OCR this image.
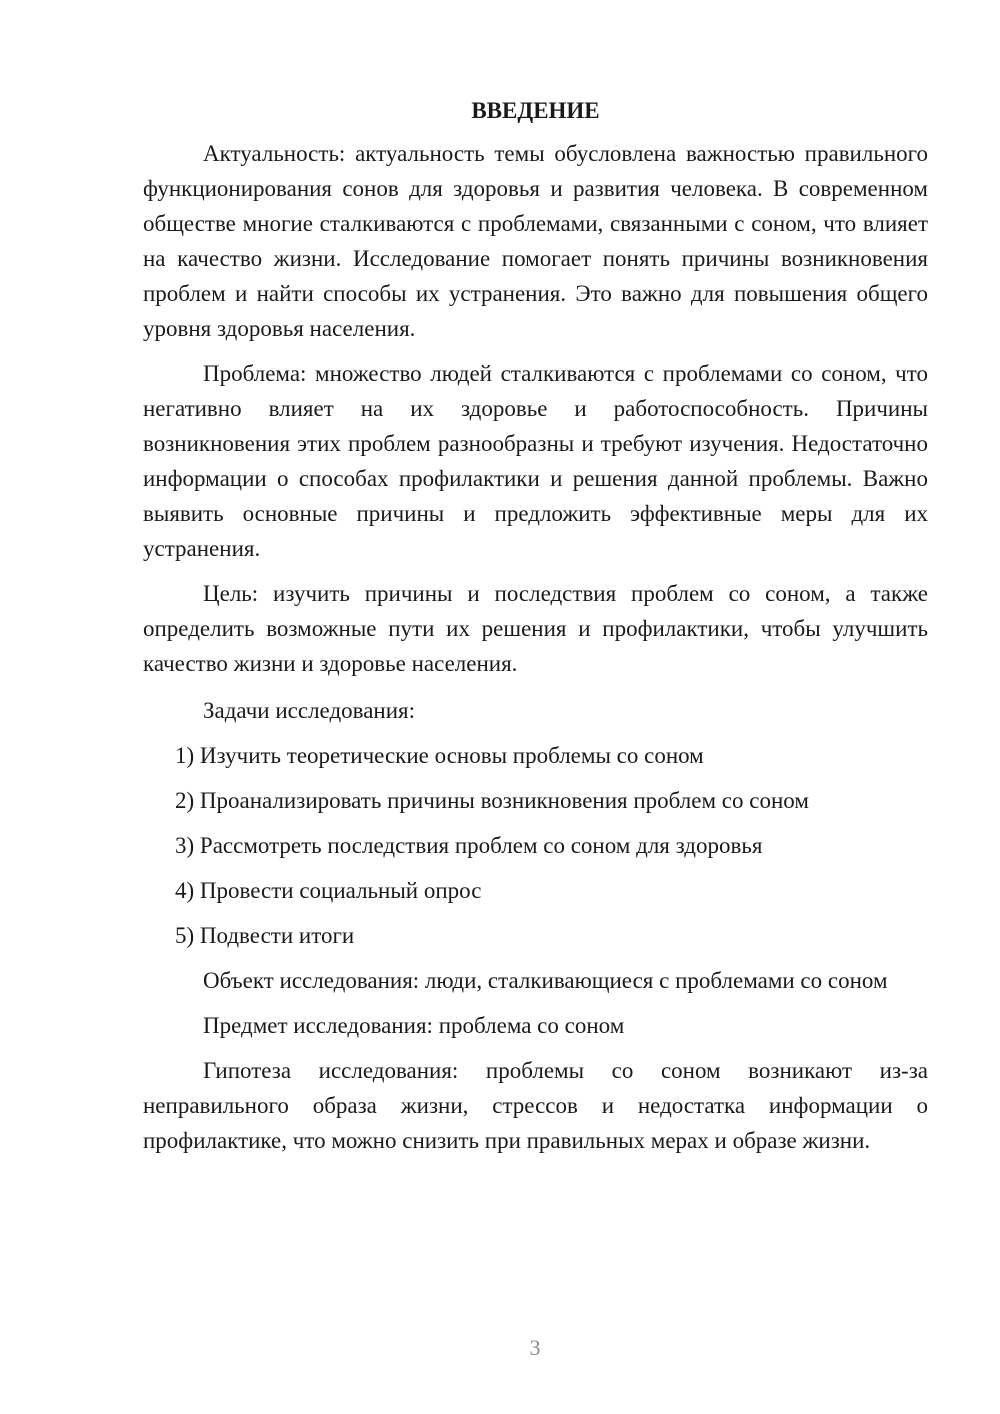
ВВЕДЕНИЕ

Актуальность: актуальность темы обусловлена важностью правильного функционирования сонов для здоровья и развития человека. В современном обществе многие сталкиваются с проблемами, связанными с соном, что влияет на качество жизни. Исследование помогает понять причины возникновения проблем и найти способы их устранения. Это важно для повышения общего уровня здоровья населения.

Проблема: множество людей сталкиваются с проблемами со соном, что негативно влияет на их здоровье и работоспособность. Причины возникновения этих проблем разнообразны и требуют изучения. Недостаточно информации о способах профилактики и решения данной проблемы. Важно выявить основные причины и предложить эффективные меры для их устранения.

Цель: изучить причины и последствия проблем со соном, а также определить возможные пути их решения и профилактики, чтобы улучшить качество жизни и здоровье населения.

Задачи исследования:

1) Изучить теоретические основы проблемы со соном
2) Проанализировать причины возникновения проблем со соном
3) Рассмотреть последствия проблем со соном для здоровья
4) Провести социальный опрос
5) Подвести итоги

Объект исследования: люди, сталкивающиеся с проблемами со соном

Предмет исследования: проблема со соном

Гипотеза исследования: проблемы со соном возникают из-за неправильного образа жизни, стрессов и недостатка информации о профилактике, что можно снизить при правильных мерах и образе жизни.

3
